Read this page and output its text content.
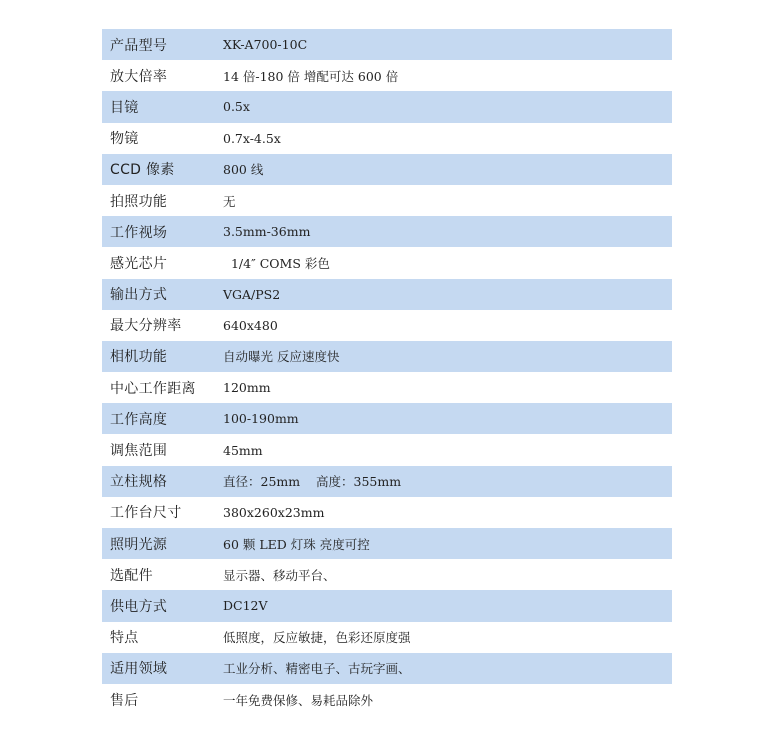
产品型号	XK-A700-10C
放大倍率	14 倍-180 倍 增配可达 600 倍
目镜	0.5x
物镜	0.7x-4.5x
CCD 像素	800 线
拍照功能	无
工作视场	3.5mm-36mm
感光芯片	1/4″ COMS 彩色
输出方式	VGA/PS2
最大分辨率	640x480
相机功能	自动曝光 反应速度快
中心工作距离	120mm
工作高度	100-190mm
调焦范围	45mm
立柱规格	直径：25mm    高度：355mm
工作台尺寸	380x260x23mm
照明光源	60 颗 LED 灯珠 亮度可控
选配件	显示器、移动平台、
供电方式	DC12V
特点	低照度，反应敏捷，色彩还原度强
适用领域	工业分析、精密电子、古玩字画、
售后	一年免费保修、易耗品除外
